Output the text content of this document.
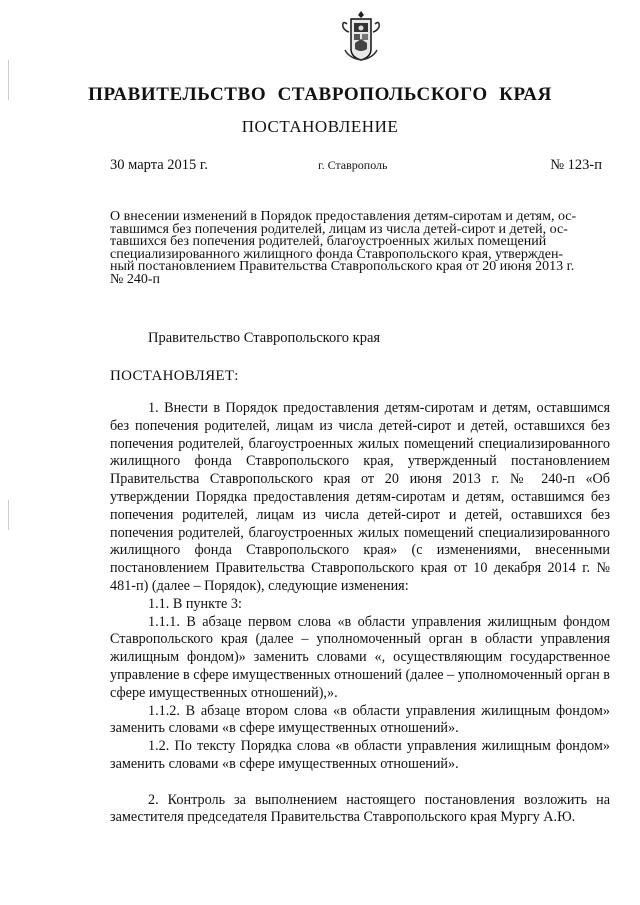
ПРАВИТЕЛЬСТВО СТАВРОПОЛЬСКОГО КРАЯ
ПОСТАНОВЛЕНИЕ
30 марта 2015 г.	г. Ставрополь	№ 123-п
О внесении изменений в Порядок предоставления детям-сиротам и детям, ос-
тавшимся без попечения родителей, лицам из числа детей-сирот и детей, ос-
тавшихся без попечения родителей, благоустроенных жилых помещений
специализированного жилищного фонда Ставропольского края, утвержден-
ный постановлением Правительства Ставропольского края от 20 июня 2013 г.
№ 240-п
Правительство Ставропольского края
ПОСТАНОВЛЯЕТ:

1. Внести в Порядок предоставления детям-сиротам и детям, оставшимся без попечения родителей, лицам из числа детей-сирот и детей, оставшихся без попечения родителей, благоустроенных жилых помещений специализированного жилищного фонда Ставропольского края, утвержденный постановлением Правительства Ставропольского края от 20 июня 2013 г. № 240-п «Об утверждении Порядка предоставления детям-сиротам и детям, оставшимся без попечения родителей, лицам из числа детей-сирот и детей, оставшихся без попечения родителей, благоустроенных жилых помещений специализированного жилищного фонда Ставропольского края» (с изменениями, внесенными постановлением Правительства Ставропольского края от 10 декабря 2014 г. № 481-п) (далее – Порядок), следующие изменения:

1.1. В пункте 3:

1.1.1. В абзаце первом слова «в области управления жилищным фондом Ставропольского края (далее – уполномоченный орган в области управления жилищным фондом)» заменить словами «, осуществляющим государственное управление в сфере имущественных отношений (далее – уполномоченный орган в сфере имущественных отношений),».

1.1.2. В абзаце втором слова «в области управления жилищным фондом» заменить словами «в сфере имущественных отношений».

1.2. По тексту Порядка слова «в области управления жилищным фондом» заменить словами «в сфере имущественных отношений».

2. Контроль за выполнением настоящего постановления возложить на заместителя председателя Правительства Ставропольского края Мургу А.Ю.
